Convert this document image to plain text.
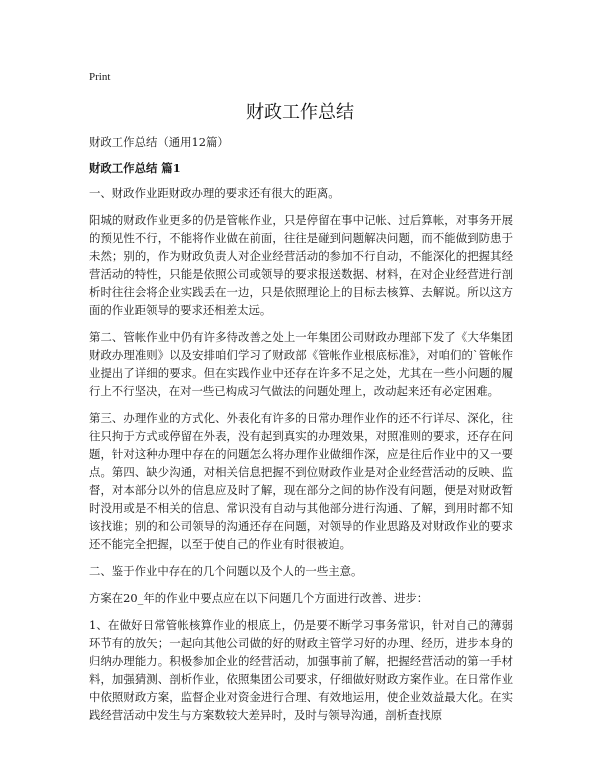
Print
财政工作总结
财政工作总结（通用12篇）
财政工作总结 篇1

一、财政作业距财政办理的要求还有很大的距离。

阳城的财政作业更多的仍是管帐作业，只是停留在事中记帐、过后算帐，对事务开展的预见性不行，不能将作业做在前面，往往是碰到问题解决问题，而不能做到防患于未然；别的，作为财政负责人对企业经营活动的参加不行自动，不能深化的把握其经营活动的特性，只能是依照公司或领导的要求报送数据、材料，在对企业经营进行剖析时往往会将企业实践丢在一边，只是依照理论上的目标去核算、去解说。所以这方面的作业距领导的要求还相差太远。

第二、管帐作业中仍有许多待改善之处上一年集团公司财政办理部下发了《大华集团财政办理准则》以及安排咱们学习了财政部《管帐作业根底标准》，对咱们的`管帐作业提出了详细的要求。但在实践作业中还存在许多不足之处，尤其在一些小问题的履行上不行坚决，在对一些已构成习气做法的问题处理上，改动起来还有必定困难。

第三、办理作业的方式化、外表化有许多的日常办理作业作的还不行详尽、深化，往往只拘于方式或停留在外表，没有起到真实的办理效果，对照准则的要求，还存在问题，针对这种办理中存在的问题怎么将办理作业做细作深，应是往后作业中的又一要点。第四、缺少沟通，对相关信息把握不到位财政作业是对企业经营活动的反映、监督，对本部分以外的信息应及时了解，现在部分之间的协作没有问题，便是对财政暂时没用或是不相关的信息、常识没有自动与其他部分进行沟通、了解，到用时都不知该找谁；别的和公司领导的沟通还存在问题，对领导的作业思路及对财政作业的要求还不能完全把握，以至于使自己的作业有时很被迫。

二、鉴于作业中存在的几个问题以及个人的一些主意。

方案在20_年的作业中要点应在以下问题几个方面进行改善、进步：

1、在做好日常管帐核算作业的根底上，仍是要不断学习事务常识，针对自己的薄弱环节有的放矢；一起向其他公司做的好的财政主管学习好的办理、经历，进步本身的归纳办理能力。积极参加企业的经营活动，加强事前了解，把握经营活动的第一手材料，加强猜测、剖析作业，依照集团公司要求，仔细做好财政方案作业。在日常作业中依照财政方案，监督企业对资金进行合理、有效地运用，使企业效益最大化。在实践经营活动中发生与方案数较大差异时，及时与领导沟通，剖析查找原
